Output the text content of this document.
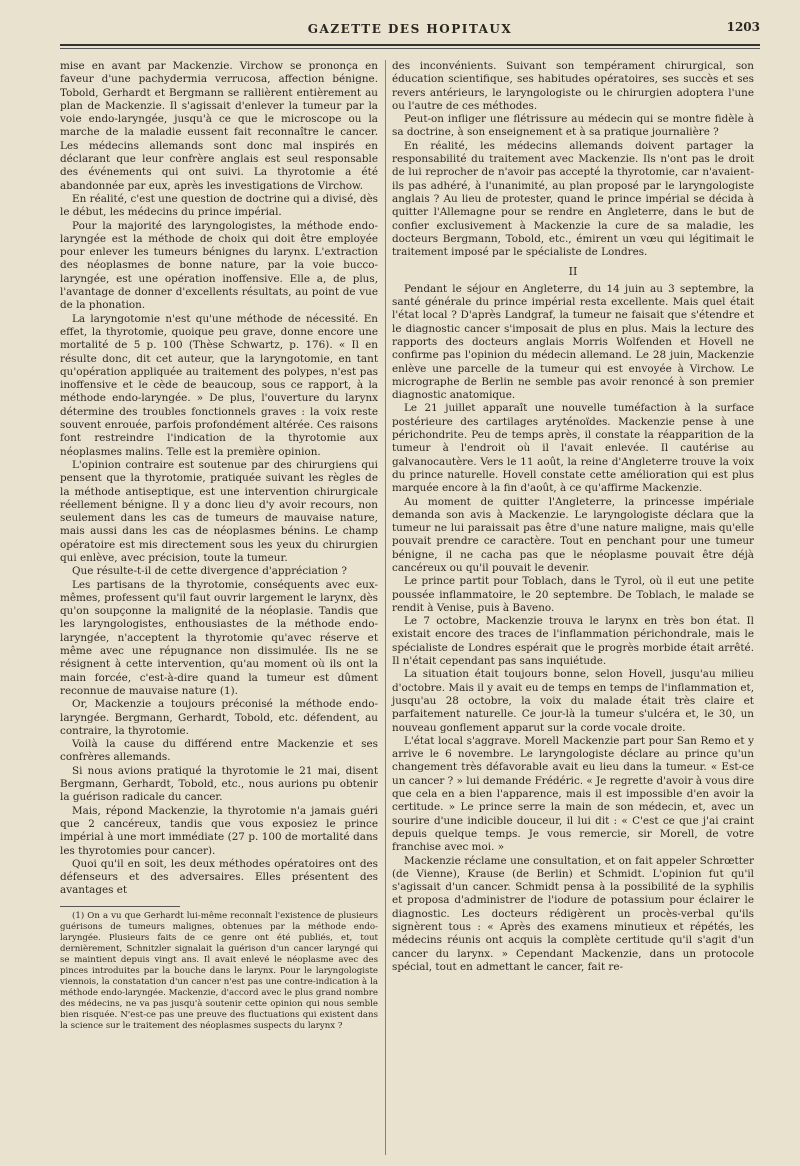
GAZETTE DES HOPITAUX	1203

mise en avant par Mackenzie. Virchow se prononça en faveur d'une pachydermia verrucosa, affection bénigne. Tobold, Gerhardt et Bergmann se rallièrent entièrement au plan de Mackenzie. Il s'agissait d'enlever la tumeur par la voie endo-laryngée, jusqu'à ce que le microscope ou la marche de la maladie eussent fait reconnaître le cancer. Les médecins allemands sont donc mal inspirés en déclarant que leur confrère anglais est seul responsable des événements qui ont suivi. La thyrotomie a été abandonnée par eux, après les investigations de Virchow.

En réalité, c'est une question de doctrine qui a divisé, dès le début, les médecins du prince impérial.

Pour la majorité des laryngologistes, la méthode endo-laryngée est la méthode de choix qui doit être employée pour enlever les tumeurs bénignes du larynx. L'extraction des néoplasmes de bonne nature, par la voie bucco-laryngée, est une opération inoffensive. Elle a, de plus, l'avantage de donner d'excellents résultats, au point de vue de la phonation.

La laryngotomie n'est qu'une méthode de nécessité. En effet, la thyrotomie, quoique peu grave, donne encore une mortalité de 5 p. 100 (Thèse Schwartz, p. 176). « Il en résulte donc, dit cet auteur, que la laryngotomie, en tant qu'opération appliquée au traitement des polypes, n'est pas inoffensive et le cède de beaucoup, sous ce rapport, à la méthode endo-laryngée. » De plus, l'ouverture du larynx détermine des troubles fonctionnels graves : la voix reste souvent enrouée, parfois profondément altérée. Ces raisons font restreindre l'indication de la thyrotomie aux néoplasmes malins. Telle est la première opinion.

L'opinion contraire est soutenue par des chirurgiens qui pensent que la thyrotomie, pratiquée suivant les règles de la méthode antiseptique, est une intervention chirurgicale réellement bénigne. Il y a donc lieu d'y avoir recours, non seulement dans les cas de tumeurs de mauvaise nature, mais aussi dans les cas de néoplasmes bénins. Le champ opératoire est mis directement sous les yeux du chirurgien qui enlève, avec précision, toute la tumeur.

Que résulte-t-il de cette divergence d'appréciation ?

Les partisans de la thyrotomie, conséquents avec eux-mêmes, professent qu'il faut ouvrir largement le larynx, dès qu'on soupçonne la malignité de la néoplasie. Tandis que les laryngologistes, enthousiastes de la méthode endo-laryngée, n'acceptent la thyrotomie qu'avec réserve et même avec une répugnance non dissimulée. Ils ne se résignent à cette intervention, qu'au moment où ils ont la main forcée, c'est-à-dire quand la tumeur est dûment reconnue de mauvaise nature (1).

Or, Mackenzie a toujours préconisé la méthode endo-laryngée. Bergmann, Gerhardt, Tobold, etc. défendent, au contraire, la thyrotomie.

Voilà la cause du différend entre Mackenzie et ses confrères allemands.

Si nous avions pratiqué la thyrotomie le 21 mai, disent Bergmann, Gerhardt, Tobold, etc., nous aurions pu obtenir la guérison radicale du cancer.

Mais, répond Mackenzie, la thyrotomie n'a jamais guéri que 2 cancéreux, tandis que vous exposiez le prince impérial à une mort immédiate (27 p. 100 de mortalité dans les thyrotomies pour cancer).

Quoi qu'il en soit, les deux méthodes opératoires ont des défenseurs et des adversaires. Elles présentent des avantages et

(1) On a vu que Gerhardt lui-même reconnaît l'existence de plusieurs guérisons de tumeurs malignes, obtenues par la méthode endo-laryngée. Plusieurs faits de ce genre ont été publiés, et, tout dernièrement, Schnitzler signalait la guérison d'un cancer laryngé qui se maintient depuis vingt ans. Il avait enlevé le néoplasme avec des pinces introduites par la bouche dans le larynx. Pour le laryngologiste viennois, la constatation d'un cancer n'est pas une contre-indication à la méthode endo-laryngée. Mackenzie, d'accord avec le plus grand nombre des médecins, ne va pas jusqu'à soutenir cette opinion qui nous semble bien risquée. N'est-ce pas une preuve des fluctuations qui existent dans la science sur le traitement des néoplasmes suspects du larynx ?

des inconvénients. Suivant son tempérament chirurgical, son éducation scientifique, ses habitudes opératoires, ses succès et ses revers antérieurs, le laryngologiste ou le chirurgien adoptera l'une ou l'autre de ces méthodes.

Peut-on infliger une flétrissure au médecin qui se montre fidèle à sa doctrine, à son enseignement et à sa pratique journalière ?

En réalité, les médecins allemands doivent partager la responsabilité du traitement avec Mackenzie. Ils n'ont pas le droit de lui reprocher de n'avoir pas accepté la thyrotomie, car n'avaient-ils pas adhéré, à l'unanimité, au plan proposé par le laryngologiste anglais ? Au lieu de protester, quand le prince impérial se décida à quitter l'Allemagne pour se rendre en Angleterre, dans le but de confier exclusivement à Mackenzie la cure de sa maladie, les docteurs Bergmann, Tobold, etc., émirent un vœu qui légitimait le traitement imposé par le spécialiste de Londres.

II

Pendant le séjour en Angleterre, du 14 juin au 3 septembre, la santé générale du prince impérial resta excellente. Mais quel était l'état local ? D'après Landgraf, la tumeur ne faisait que s'étendre et le diagnostic cancer s'imposait de plus en plus. Mais la lecture des rapports des docteurs anglais Morris Wolfenden et Hovell ne confirme pas l'opinion du médecin allemand. Le 28 juin, Mackenzie enlève une parcelle de la tumeur qui est envoyée à Virchow. Le micrographe de Berlin ne semble pas avoir renoncé à son premier diagnostic anatomique.

Le 21 juillet apparaît une nouvelle tuméfaction à la surface postérieure des cartilages aryténoïdes. Mackenzie pense à une périchondrite. Peu de temps après, il constate la réapparition de la tumeur à l'endroit où il l'avait enlevée. Il cautérise au galvanocautère. Vers le 11 août, la reine d'Angleterre trouve la voix du prince naturelle. Hovell constate cette amélioration qui est plus marquée encore à la fin d'août, à ce qu'affirme Mackenzie.

Au moment de quitter l'Angleterre, la princesse impériale demanda son avis à Mackenzie. Le laryngologiste déclara que la tumeur ne lui paraissait pas être d'une nature maligne, mais qu'elle pouvait prendre ce caractère. Tout en penchant pour une tumeur bénigne, il ne cacha pas que le néoplasme pouvait être déjà cancéreux ou qu'il pouvait le devenir.

Le prince partit pour Toblach, dans le Tyrol, où il eut une petite poussée inflammatoire, le 20 septembre. De Toblach, le malade se rendit à Venise, puis à Baveno.

Le 7 octobre, Mackenzie trouva le larynx en très bon état. Il existait encore des traces de l'inflammation périchondrale, mais le spécialiste de Londres espérait que le progrès morbide était arrêté. Il n'était cependant pas sans inquiétude.

La situation était toujours bonne, selon Hovell, jusqu'au milieu d'octobre. Mais il y avait eu de temps en temps de l'inflammation et, jusqu'au 28 octobre, la voix du malade était très claire et parfaitement naturelle. Ce jour-là la tumeur s'ulcéra et, le 30, un nouveau gonflement apparut sur la corde vocale droite.

L'état local s'aggrave. Morell Mackenzie part pour San Remo et y arrive le 6 novembre. Le laryngologiste déclare au prince qu'un changement très défavorable avait eu lieu dans la tumeur. « Est-ce un cancer ? » lui demande Frédéric. « Je regrette d'avoir à vous dire que cela en a bien l'apparence, mais il est impossible d'en avoir la certitude. » Le prince serre la main de son médecin, et, avec un sourire d'une indicible douceur, il lui dit : « C'est ce que j'ai craint depuis quelque temps. Je vous remercie, sir Morell, de votre franchise avec moi. »

Mackenzie réclame une consultation, et on fait appeler Schrœtter (de Vienne), Krause (de Berlin) et Schmidt. L'opinion fut qu'il s'agissait d'un cancer. Schmidt pensa à la possibilité de la syphilis et proposa d'administrer de l'iodure de potassium pour éclairer le diagnostic. Les docteurs rédigèrent un procès-verbal qu'ils signèrent tous : « Après des examens minutieux et répétés, les médecins réunis ont acquis la complète certitude qu'il s'agit d'un cancer du larynx. » Cependant Mackenzie, dans un protocole spécial, tout en admettant le cancer, fait re-
